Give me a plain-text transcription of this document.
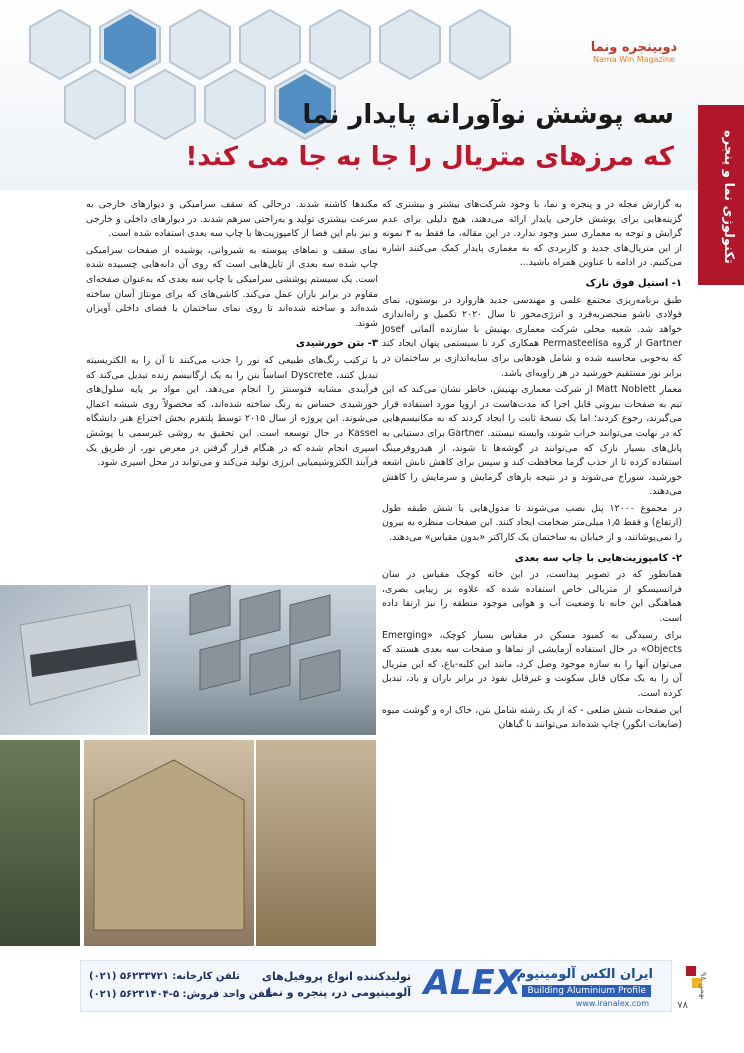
دوبینجره ونما
Nama Win Magazine
تکنولوژی نما و پنجره
سه پوشش نوآورانه پایدار نما
که مرزهای متریال را جا به جا می کند!

به گزارش مجله در و پنجره و نما، با وجود شرکت‌های بیشتر و بیشتری که گزینه‌هایی برای پوشش خارجی پایدار ارائه می‌دهند، هیچ دلیلی برای عدم گرایش و توجه به معماری سبز وجود ندارد. در این مقاله، ما فقط به ۳ نمونه از این متریال‌های جدید و کاربردی که به معماری پایدار کمک می‌کنند اشاره می‌کنیم. در ادامه با عناوین همراه باشید...

۱- استیل فوق نازک

طبق برنامه‌ریزی مجتمع علمی و مهندسی جدید هاروارد در بوستون، نمای فولادی ناشو منحصربه‌فرد و انرژی‌محور تا سال ۲۰۲۰ تکمیل و راه‌اندازی خواهد شد. شعبه محلی شرکت معماری بهنیش با سازنده آلمانی Josef Gartner از گروه Permasteelisa همکاری کرد تا سیستمی پنهان ایجاد کند که به‌خوبی محاسبه شده و شامل هودهایی برای سایه‌اندازی بر ساختمان در برابر نور مستقیم خورشید در هر زاویه‌ای باشد.

معمار Matt Noblett از شرکت معماری بهنیش، خاطر نشان می‌کند که این تیم به صفحات بیرونی قابل اجرا که مدت‌هاست در اروپا مورد استفاده قرار می‌گیرند، رجوع کردند؛ اما یک نسخهٔ ثابت را ایجاد کردند که به مکانیسم‌هایی که در نهایت می‌توانند خراب شوند، وابسته نیستند. Gartner برای دستیابی به پانل‌های بسیار نازک که می‌توانند در گوشه‌ها تا شوند، از هیدروفرمینگ استفاده کرده تا از جذب گرما محافظت کند و سپس برای کاهش تابش اشعه خورشید، سوراخ می‌شوند و در نتیجه بارهای گرمایش و سرمایش را کاهش می‌دهند.

در مجموع ۱۲۰۰۰ پنل نصب می‌شوند تا مدول‌هایی با شش طبقه طول (ارتفاع) و فقط ۱٫۵ میلی‌متر ضخامت ایجاد کنند. این صفحات منظره به بیرون را نمی‌پوشانند، و از خیابان به ساختمان یک کاراکتر «بدون مقیاس» می‌دهند.

۲- کامپوزیت‌هایی با چاپ سه بعدی

همانطور که در تصویر پیداست، در این خانه کوچک مقیاس در سان فرانسیسکو از متریالی خاص استفاده شده که علاوه بر زیبایی بصری، هماهنگی این خانه با وضعیت آب و هوایی موجود منطقه را نیز ارتقا داده است.

برای رسیدگی به کمبود مسکن در مقیاس بسیار کوچک، «Emerging Objects» در حال استفاده آزمایشی از نماها و صفحات سه بعدی هستند که می‌توان آنها را به سازه موجود وصل کرد، مانند این کلبه-باغ، که این متریال آن را به یک مکان قابل سکونت و غیرقابل نفوذ در برابر باران و باد، تبدیل کرده است.

این صفحات شش ضلعی - که از یک رشته شامل بتن، خاک اره و گوشت میوه (ضایعات انگور) چاپ شده‌اند می‌توانند با گیاهان

مکندها کاشته شدند. درحالی که سقف سرامیکی و دیوارهای خارجی به سرعت بیشتری تولید و به‌راحتی سرهم شدند. در دیوارهای داخلی و خارجی و نیز بام این فضا از کامپوزیت‌ها با چاپ سه بعدی استفاده شده است.

نمای سقف و نماهای پیوسته به شیروانی، پوشیده از صفحات سرامیکی چاپ شده سه بعدی از تایل‌هایی است که روی آن دانه‌هایی چسبیده شده است. یک سیستم پوششی سرامیکی با چاپ سه بعدی که به‌عنوان صفحه‌ای مقاوم در برابر باران عمل می‌کند. کاشی‌های که برای مونتاژ آسان ساخته شده‌اند و ساخته شده‌اند تا روی نمای ساختمان یا فضای داخلی آویزان شوند.

۳- بتن خورشیدی

با ترکیب رنگ‌های طبیعی که نور را جذب می‌کنند تا آن را به الکتریسیته تبدیل کنند، Dyscrete اساساً بتن را به یک ارگانیسم زنده تبدیل می‌کند که فرآیندی مشابه فتوسنتز را انجام می‌دهد. این مواد بر پایه سلول‌های خورشیدی حساس به رنگ ساخته شده‌اند، که محصولاً روی شیشه اعمال می‌شوند. این پروژه از سال ۲۰۱۵ توسط پلتفرم بخش اختراع هنر دانشگاه Kassel در حال توسعه است. این تحقیق به روشی غیرسمی با پوشش اسپری انجام شده که در هنگام قرار گرفتن در معرض نور، از طریق یک فرآیند الکتروشیمیایی انرژی تولید می‌کند و می‌تواند در محل اسپری شود.

ایران الکس آلومینیوم
Building Aluminium Profile
www.iranalex.com
ALEX
تولیدکننده انواع پروفیل‌های آلومینیومی در، پنجره و نما
تلفن کارخانه: ۵۶۲۳۳۷۲۱ (۰۲۱)
تلفن واحد فروش: ۵-۵۶۲۳۱۴۰۴ (۰۲۱)
بهمن ۹۸
۷۸
